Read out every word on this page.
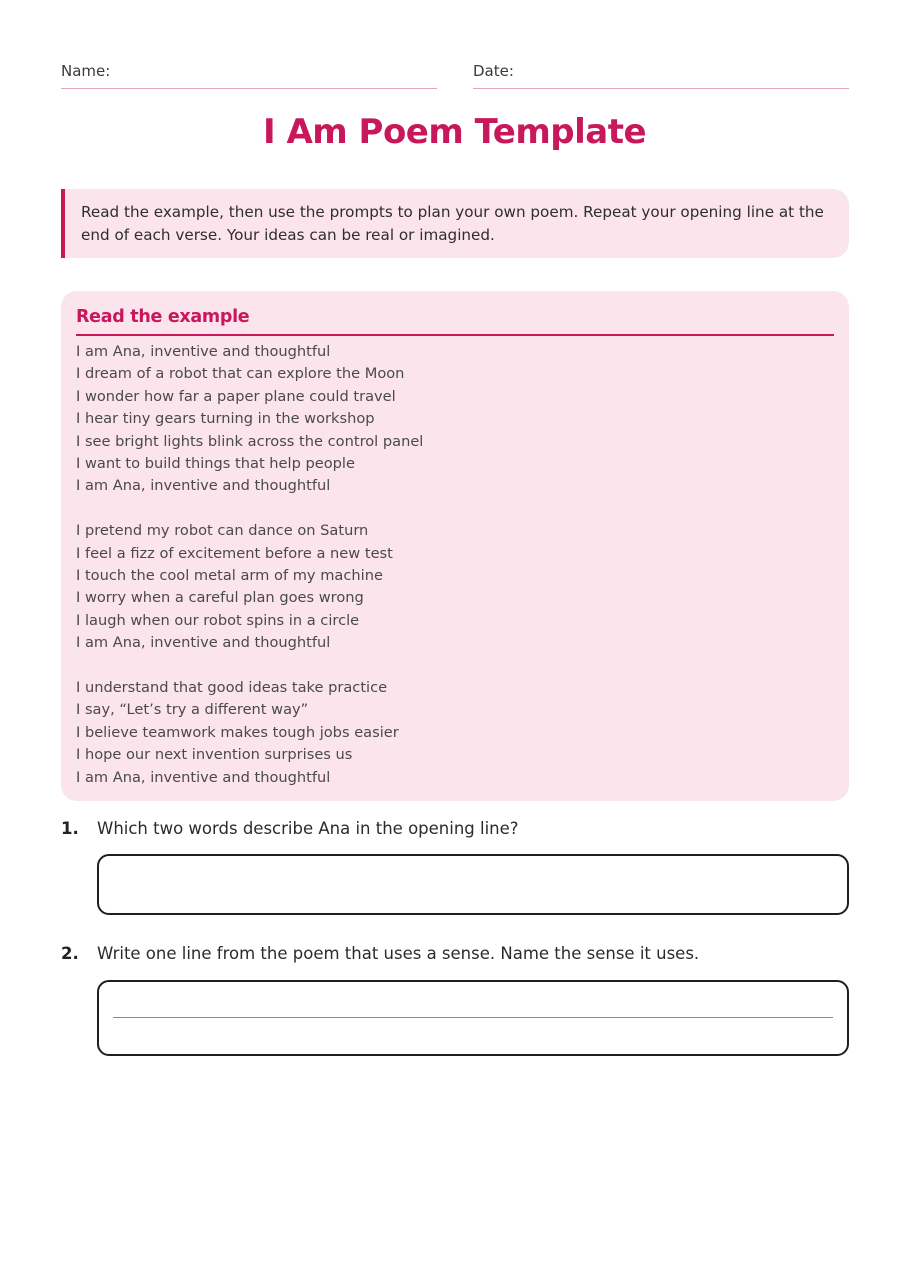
Name:	Date:
I Am Poem Template
Read the example, then use the prompts to plan your own poem. Repeat your opening line at the end of each verse. Your ideas can be real or imagined.
Read the example
I am Ana, inventive and thoughtful
I dream of a robot that can explore the Moon
I wonder how far a paper plane could travel
I hear tiny gears turning in the workshop
I see bright lights blink across the control panel
I want to build things that help people
I am Ana, inventive and thoughtful
I pretend my robot can dance on Saturn
I feel a fizz of excitement before a new test
I touch the cool metal arm of my machine
I worry when a careful plan goes wrong
I laugh when our robot spins in a circle
I am Ana, inventive and thoughtful
I understand that good ideas take practice
I say, “Let’s try a different way”
I believe teamwork makes tough jobs easier
I hope our next invention surprises us
I am Ana, inventive and thoughtful
1. Which two words describe Ana in the opening line?
2. Write one line from the poem that uses a sense. Name the sense it uses.
